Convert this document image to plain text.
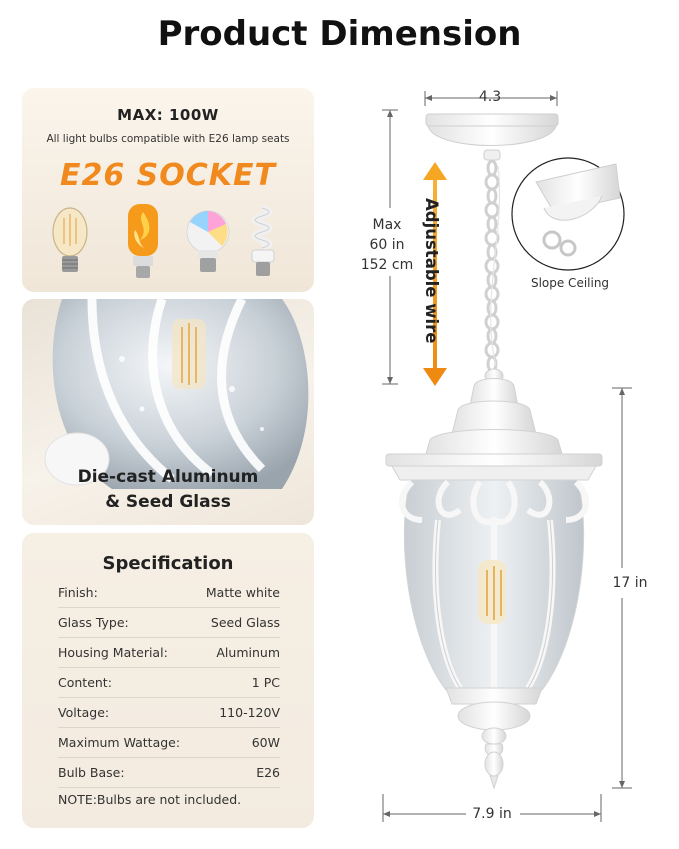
Product Dimension
MAX: 100W
All light bulbs compatible with E26 lamp seats
E26 SOCKET
Die-cast Aluminum
& Seed Glass
Specification
Finish:	Matte white
Glass Type:	Seed Glass
Housing Material:	Aluminum
Content:	1 PC
Voltage:	110-120V
Maximum Wattage:	60W
Bulb Base:	E26
NOTE:Bulbs are not included.
4.3
Max
60 in
152 cm Adjustable wire	Slope Ceiling
17 in
7.9 in
